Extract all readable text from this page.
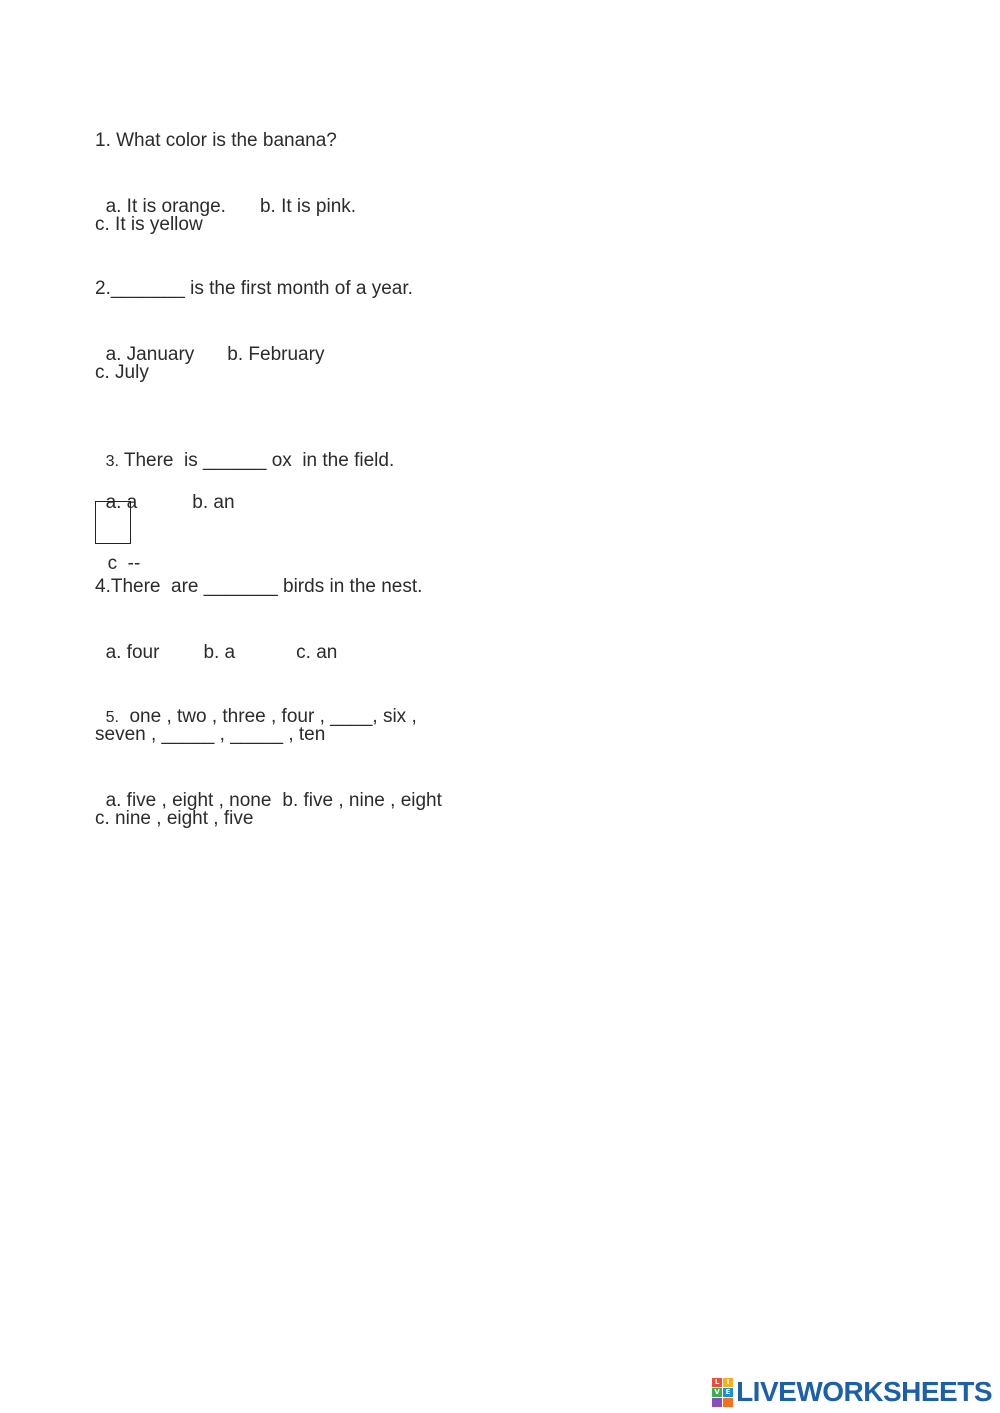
1. What color is the banana?

a. It is orange. b. It is pink.

c. It is yellow
2._______ is the first month of a year.

a. January b. February

c. July

3. There  is ______ ox  in the field.

a. a	b. an

c  --

4.There  are _______ birds in the nest.

a. four b. a	c. an

5.  one , two , three , four , ____, six ,

seven , _____ , _____ , ten

a. five , eight , none b. five , nine , eight

c. nine , eight , five
L	I
V E LIVEWORKSHEETS
